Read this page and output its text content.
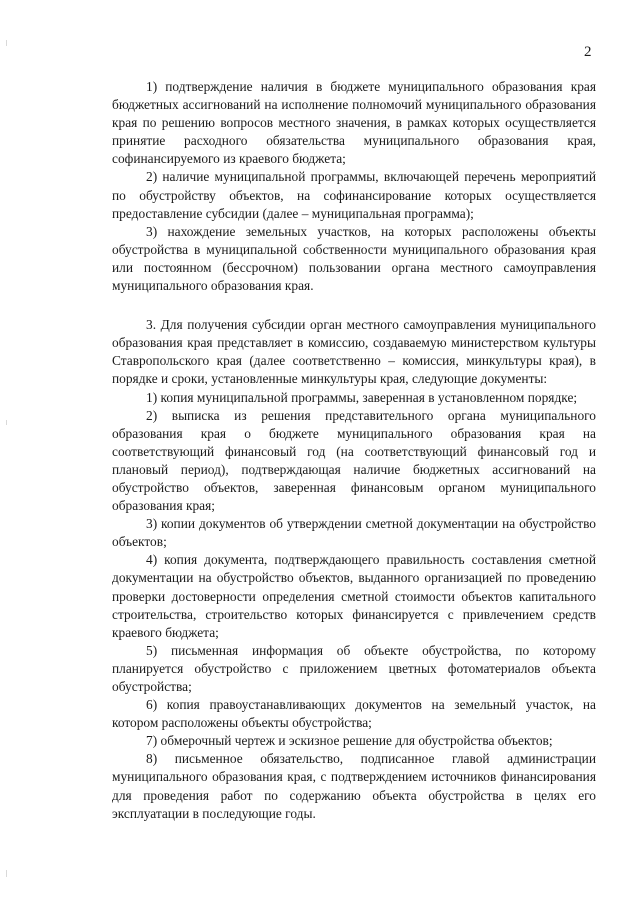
2

1) подтверждение наличия в бюджете муниципального образования края бюджетных ассигнований на исполнение полномочий муниципального образования края по решению вопросов местного значения, в рамках которых осуществляется принятие расходного обязательства муниципального образования края, софинансируемого из краевого бюджета;

2) наличие муниципальной программы, включающей перечень мероприятий по обустройству объектов, на софинансирование которых осуществляется предоставление субсидии (далее – муниципальная программа);

3) нахождение земельных участков, на которых расположены объекты обустройства в муниципальной собственности муниципального образования края или постоянном (бессрочном) пользовании органа местного самоуправления муниципального образования края.

3. Для получения субсидии орган местного самоуправления муниципального образования края представляет в комиссию, создаваемую министерством культуры Ставропольского края (далее соответственно – комиссия, минкультуры края), в порядке и сроки, установленные минкультуры края, следующие документы:

1) копия муниципальной программы, заверенная в установленном порядке;

2) выписка из решения представительного органа муниципального образования края о бюджете муниципального образования края на соответствующий финансовый год (на соответствующий финансовый год и плановый период), подтверждающая наличие бюджетных ассигнований на обустройство объектов, заверенная финансовым органом муниципального образования края;

3) копии документов об утверждении сметной документации на обустройство объектов;

4) копия документа, подтверждающего правильность составления сметной документации на обустройство объектов, выданного организацией по проведению проверки достоверности определения сметной стоимости объектов капитального строительства, строительство которых финансируется с привлечением средств краевого бюджета;

5) письменная информация об объекте обустройства, по которому планируется обустройство с приложением цветных фотоматериалов объекта обустройства;

6) копия правоустанавливающих документов на земельный участок, на котором расположены объекты обустройства;

7) обмерочный чертеж и эскизное решение для обустройства объектов;

8) письменное обязательство, подписанное главой администрации муниципального образования края, с подтверждением источников финансирования для проведения работ по содержанию объекта обустройства в целях его эксплуатации в последующие годы.
